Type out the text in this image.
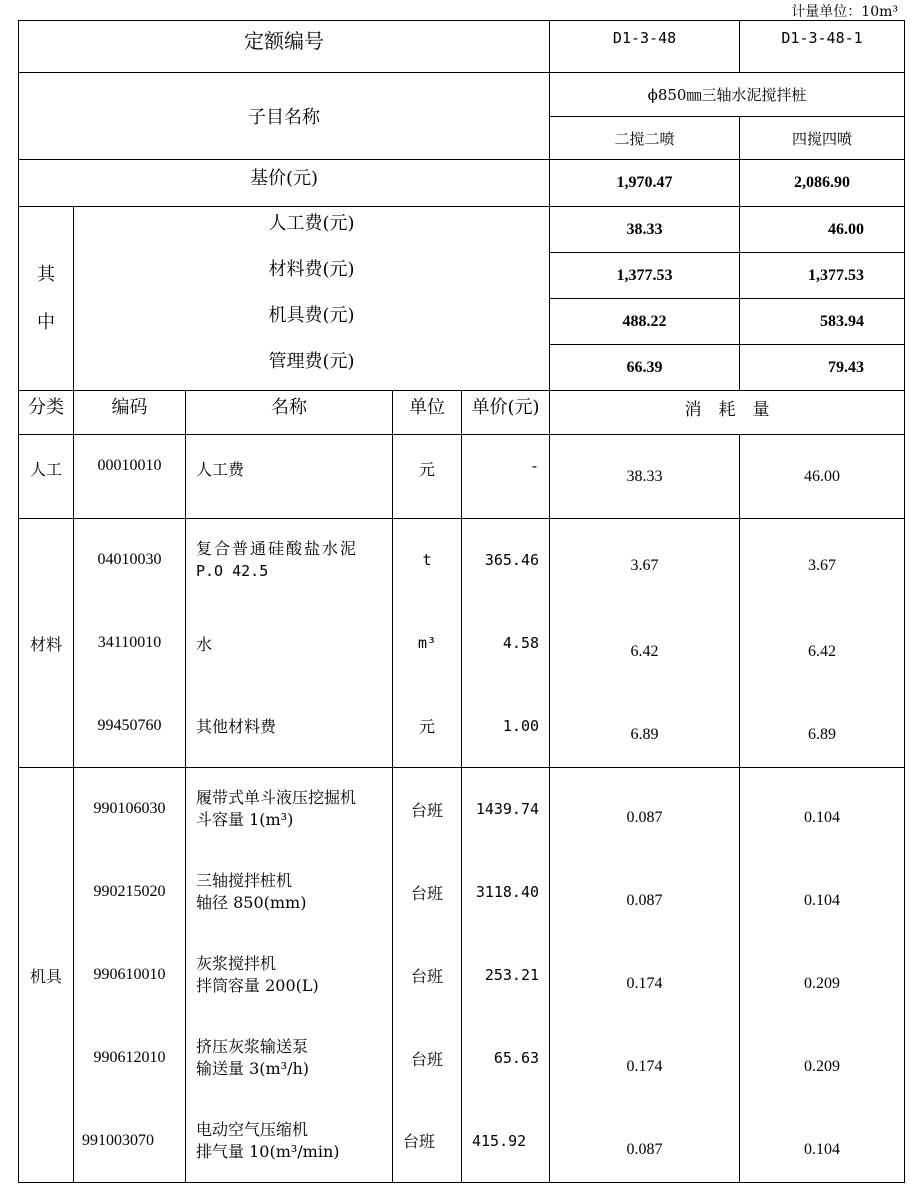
计量单位：10m³
定额编号					D1-3-48	D1-3-48-1
子目名称					ϕ850㎜三轴水泥搅拌桩	
					二搅二喷	四搅四喷
基价(元)					1,970.47	2,086.90
其
中	人工费(元)				38.33	46.00
	材料费(元)				1,377.53	1,377.53
	机具费(元)				488.22	583.94
	管理费(元)				66.39	79.43
分类	编码	名称	单位	单价(元)	消　耗　量	
人工	00010010	人工费	元	-	38.33	46.00
材料	04010030	复合普通硅酸盐水泥
P.O 42.5	t	365.46	3.67	3.67
	34110010	水	m³	4.58	6.42	6.42
	99450760	其他材料费	元	1.00	6.89	6.89
机具	990106030	履带式单斗液压挖掘机
斗容量 1(m³)	台班	1439.74	0.087	0.104
	990215020	三轴搅拌桩机
轴径 850(mm)	台班	3118.40	0.087	0.104
	990610010	灰浆搅拌机
拌筒容量 200(L)	台班	253.21	0.174	0.209
	990612010	挤压灰浆输送泵
输送量 3(m³/h)	台班	65.63	0.174	0.209
	991003070	电动空气压缩机
排气量 10(m³/min)	台班	415.92	0.087	0.104
